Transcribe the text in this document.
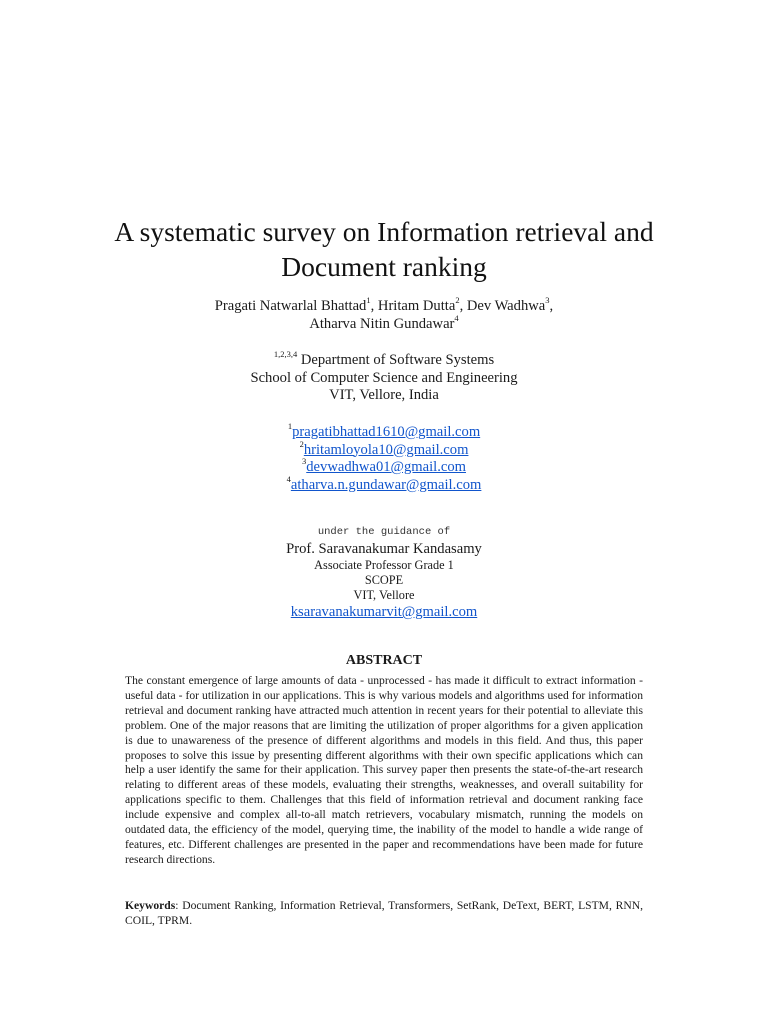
A systematic survey on Information retrieval and
Document ranking
Pragati Natwarlal Bhattad$^1$, Hritam Dutta$^2$, Dev Wadhwa$^3$,
Atharva Nitin Gundawar$^4$
$^{1,2,3,4}$ Department of Software Systems
School of Computer Science and Engineering
VIT, Vellore, India
$^1$pragatibhattad1610@gmail.com
$^2$hritamloyola10@gmail.com
$^3$devwadhwa01@gmail.com
$^4$atharva.n.gundawar@gmail.com
under the guidance of
Prof. Saravanakumar Kandasamy
Associate Professor Grade 1
SCOPE
VIT, Vellore
ksaravanakumarvit@gmail.com
ABSTRACT
The constant emergence of large amounts of data - unprocessed - has made it difficult to extract information - useful data - for utilization in our applications. This is why various models and algorithms used for information retrieval and document ranking have attracted much attention in recent years for their potential to alleviate this problem. One of the major reasons that are limiting the utilization of proper algorithms for a given application is due to unawareness of the presence of different algorithms and models in this field. And thus, this paper proposes to solve this issue by presenting different algorithms with their own specific applications which can help a user identify the same for their application. This survey paper then presents the state-of-the-art research relating to different areas of these models, evaluating their strengths, weaknesses, and overall suitability for applications specific to them. Challenges that this field of information retrieval and document ranking face include expensive and complex all-to-all match retrievers, vocabulary mismatch, running the models on outdated data, the efficiency of the model, querying time, the inability of the model to handle a wide range of features, etc. Different challenges are presented in the paper and recommendations have been made for future research directions.
Keywords: Document Ranking, Information Retrieval, Transformers, SetRank, DeText, BERT, LSTM, RNN, COIL, TPRM.
